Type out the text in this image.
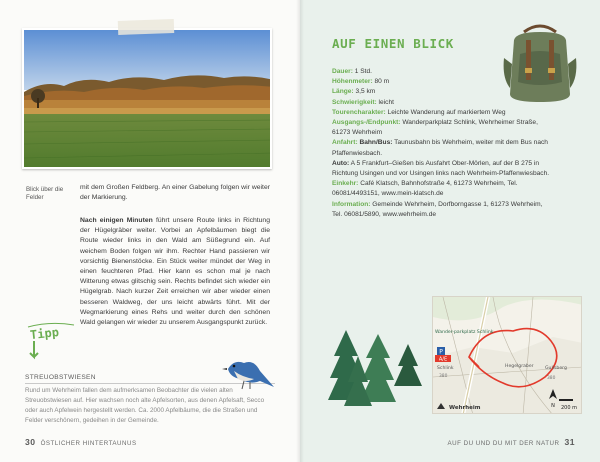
Blick über die Felder
mit dem Großen Feldberg. An einer Gabelung folgen wir weiter der Markierung.
Nach einigen Minuten führt unsere Route links in Richtung der Hügelgräber weiter. Vorbei an Apfelbäumen biegt die Route wieder links in den Wald am Süßegrund ein. Auf weichem Boden folgen wir ihm. Rechter Hand passieren wir vorsichtig Bienenstöcke. Ein Stück weiter mündet der Weg in einen feuchteren Pfad. Hier kann es schon mal je nach Witterung etwas glitschig sein. Rechts befindet sich wieder ein Hügelgrab. Nach kurzer Zeit erreichen wir aber wieder einen besseren Waldweg, der uns leicht abwärts führt. Mit der Wegmarkierung eines Rehs und weiter durch den schönen Wald gelangen wir wieder zu unserem Ausgangspunkt zurück.
Tipp
STREUOBSTWIESEN
Rund um Wehrheim fallen dem aufmerksamen Beobachter die vielen alten Streuobstwiesen auf. Hier wachsen noch alte Apfelsorten, aus denen Apfelsaft, Secco oder auch Apfelwein hergestellt werden. Ca. 2000 Apfelbäume, die die Straßen und Felder verschönern, gedeihen in der Gemeinde.
30 ÖSTLICHER HINTERTAUNUS
AUF EINEN BLICK
Dauer: 1 Std.
Höhenmeter: 80 m
Länge: 3,5 km
Schwierigkeit: leicht
Tourencharakter: Leichte Wanderung auf markiertem Weg
Ausgangs-/Endpunkt: Wanderparkplatz Schlink, Wehrheimer Straße, 61273 Wehrheim
Anfahrt: Bahn/Bus: Taunusbahn bis Wehrheim, weiter mit dem Bus nach Pfaffenwiesbach.
Auto: A 5 Frankfurt–Gießen bis Ausfahrt Ober-Mörlen, auf der B 275 in Richtung Usingen und vor Usingen links nach Wehrheim-Pfaffenwiesbach.
Einkehr: Café Klatsch, Bahnhofstraße 4, 61273 Wehrheim, Tel. 06081/4493151, www.mein-klatsch.de
Information: Gemeinde Wehrheim, Dorfborngasse 1, 61273 Wehrheim, Tel. 06081/5890, www.wehrheim.de
P
Wander-parkplatz Schlink
A/E
Schlink
380
Hegelgraber Gullsberg
380
Wehrheim	N 200 m
AUF DU UND DU MIT DER NATUR 31
